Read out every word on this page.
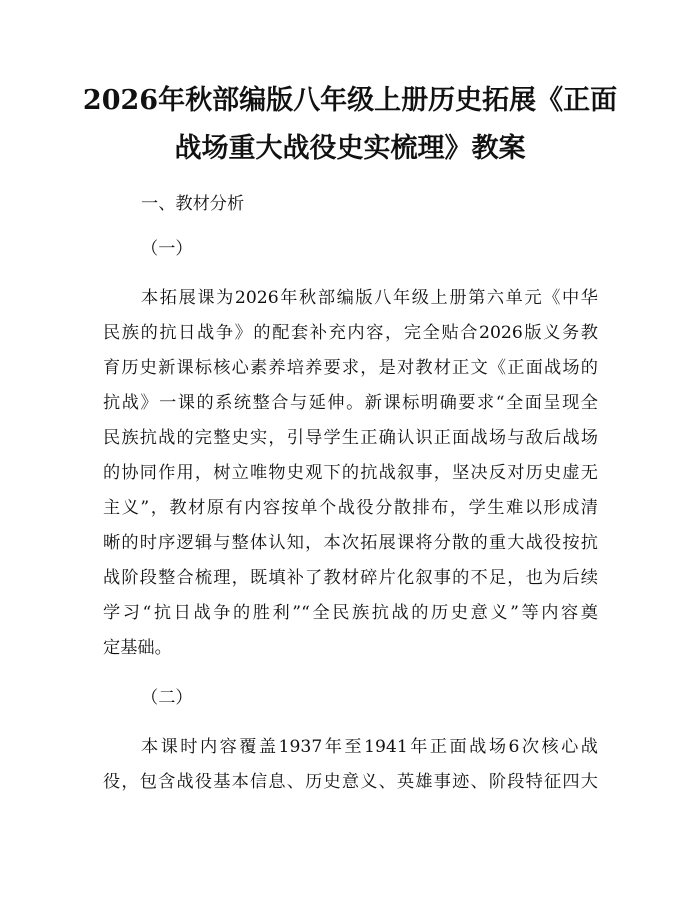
2026年秋部编版八年级上册历史拓展《正面
战场重大战役史实梳理》教案
一、教材分析
（一）
本拓展课为2026年秋部编版八年级上册第六单元《中华
民族的抗日战争》的配套补充内容，完全贴合2026版义务教
育历史新课标核心素养培养要求，是对教材正文《正面战场的
抗战》一课的系统整合与延伸。新课标明确要求“全面呈现全
民族抗战的完整史实，引导学生正确认识正面战场与敌后战场
的协同作用，树立唯物史观下的抗战叙事，坚决反对历史虚无
主义”，教材原有内容按单个战役分散排布，学生难以形成清
晰的时序逻辑与整体认知，本次拓展课将分散的重大战役按抗
战阶段整合梳理，既填补了教材碎片化叙事的不足，也为后续
学习“抗日战争的胜利”“全民族抗战的历史意义”等内容奠
定基础。
（二）
本课时内容覆盖1937年至1941年正面战场6次核心战
役，包含战役基本信息、历史意义、英雄事迹、阶段特征四大
